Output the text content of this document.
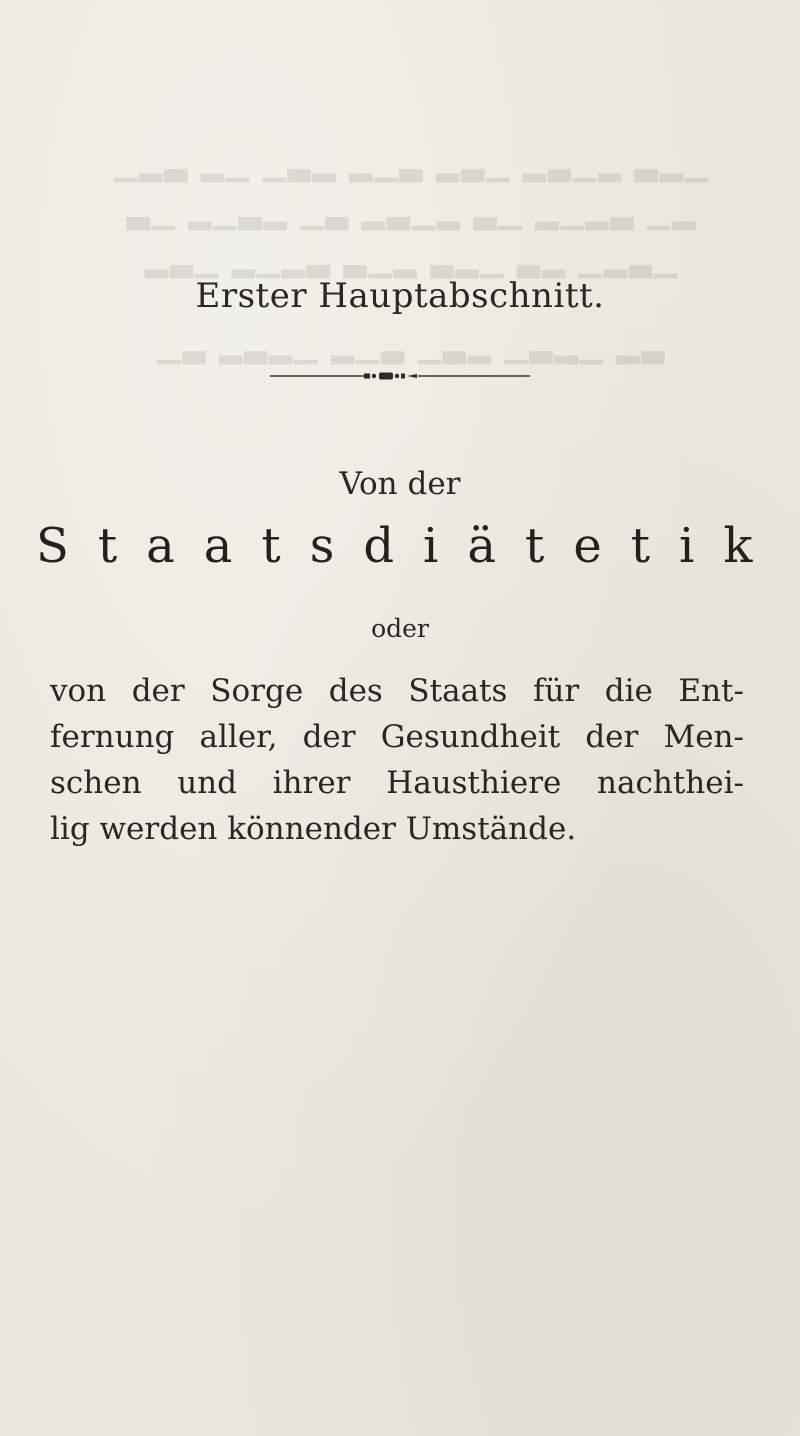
▁▂▃ ▂▁▃▂ ▁▃▂ ▃▁▂ ▂▃▁ ▁▂ ▃▂▁
▂▁ ▃▂▁▂ ▁▃ ▂▁▃▂ ▃▁ ▂▃▁▂ ▁▃
▁▃▂▁ ▂▃ ▁▂▃ ▂▁▃ ▃▂▁▂ ▁▃▂
▃▂ ▁▂▃▁ ▂▃▁ ▃▁▂ ▁▂▃▂ ▃▁
Erster Hauptabschnitt.
Von der
Staatsdiätetik
oder
von der Sorge des Staats für die Ent-
fernung aller, der Gesundheit der Men-
schen und ihrer Hausthiere nachthei-
lig werden könnender Umstände.
